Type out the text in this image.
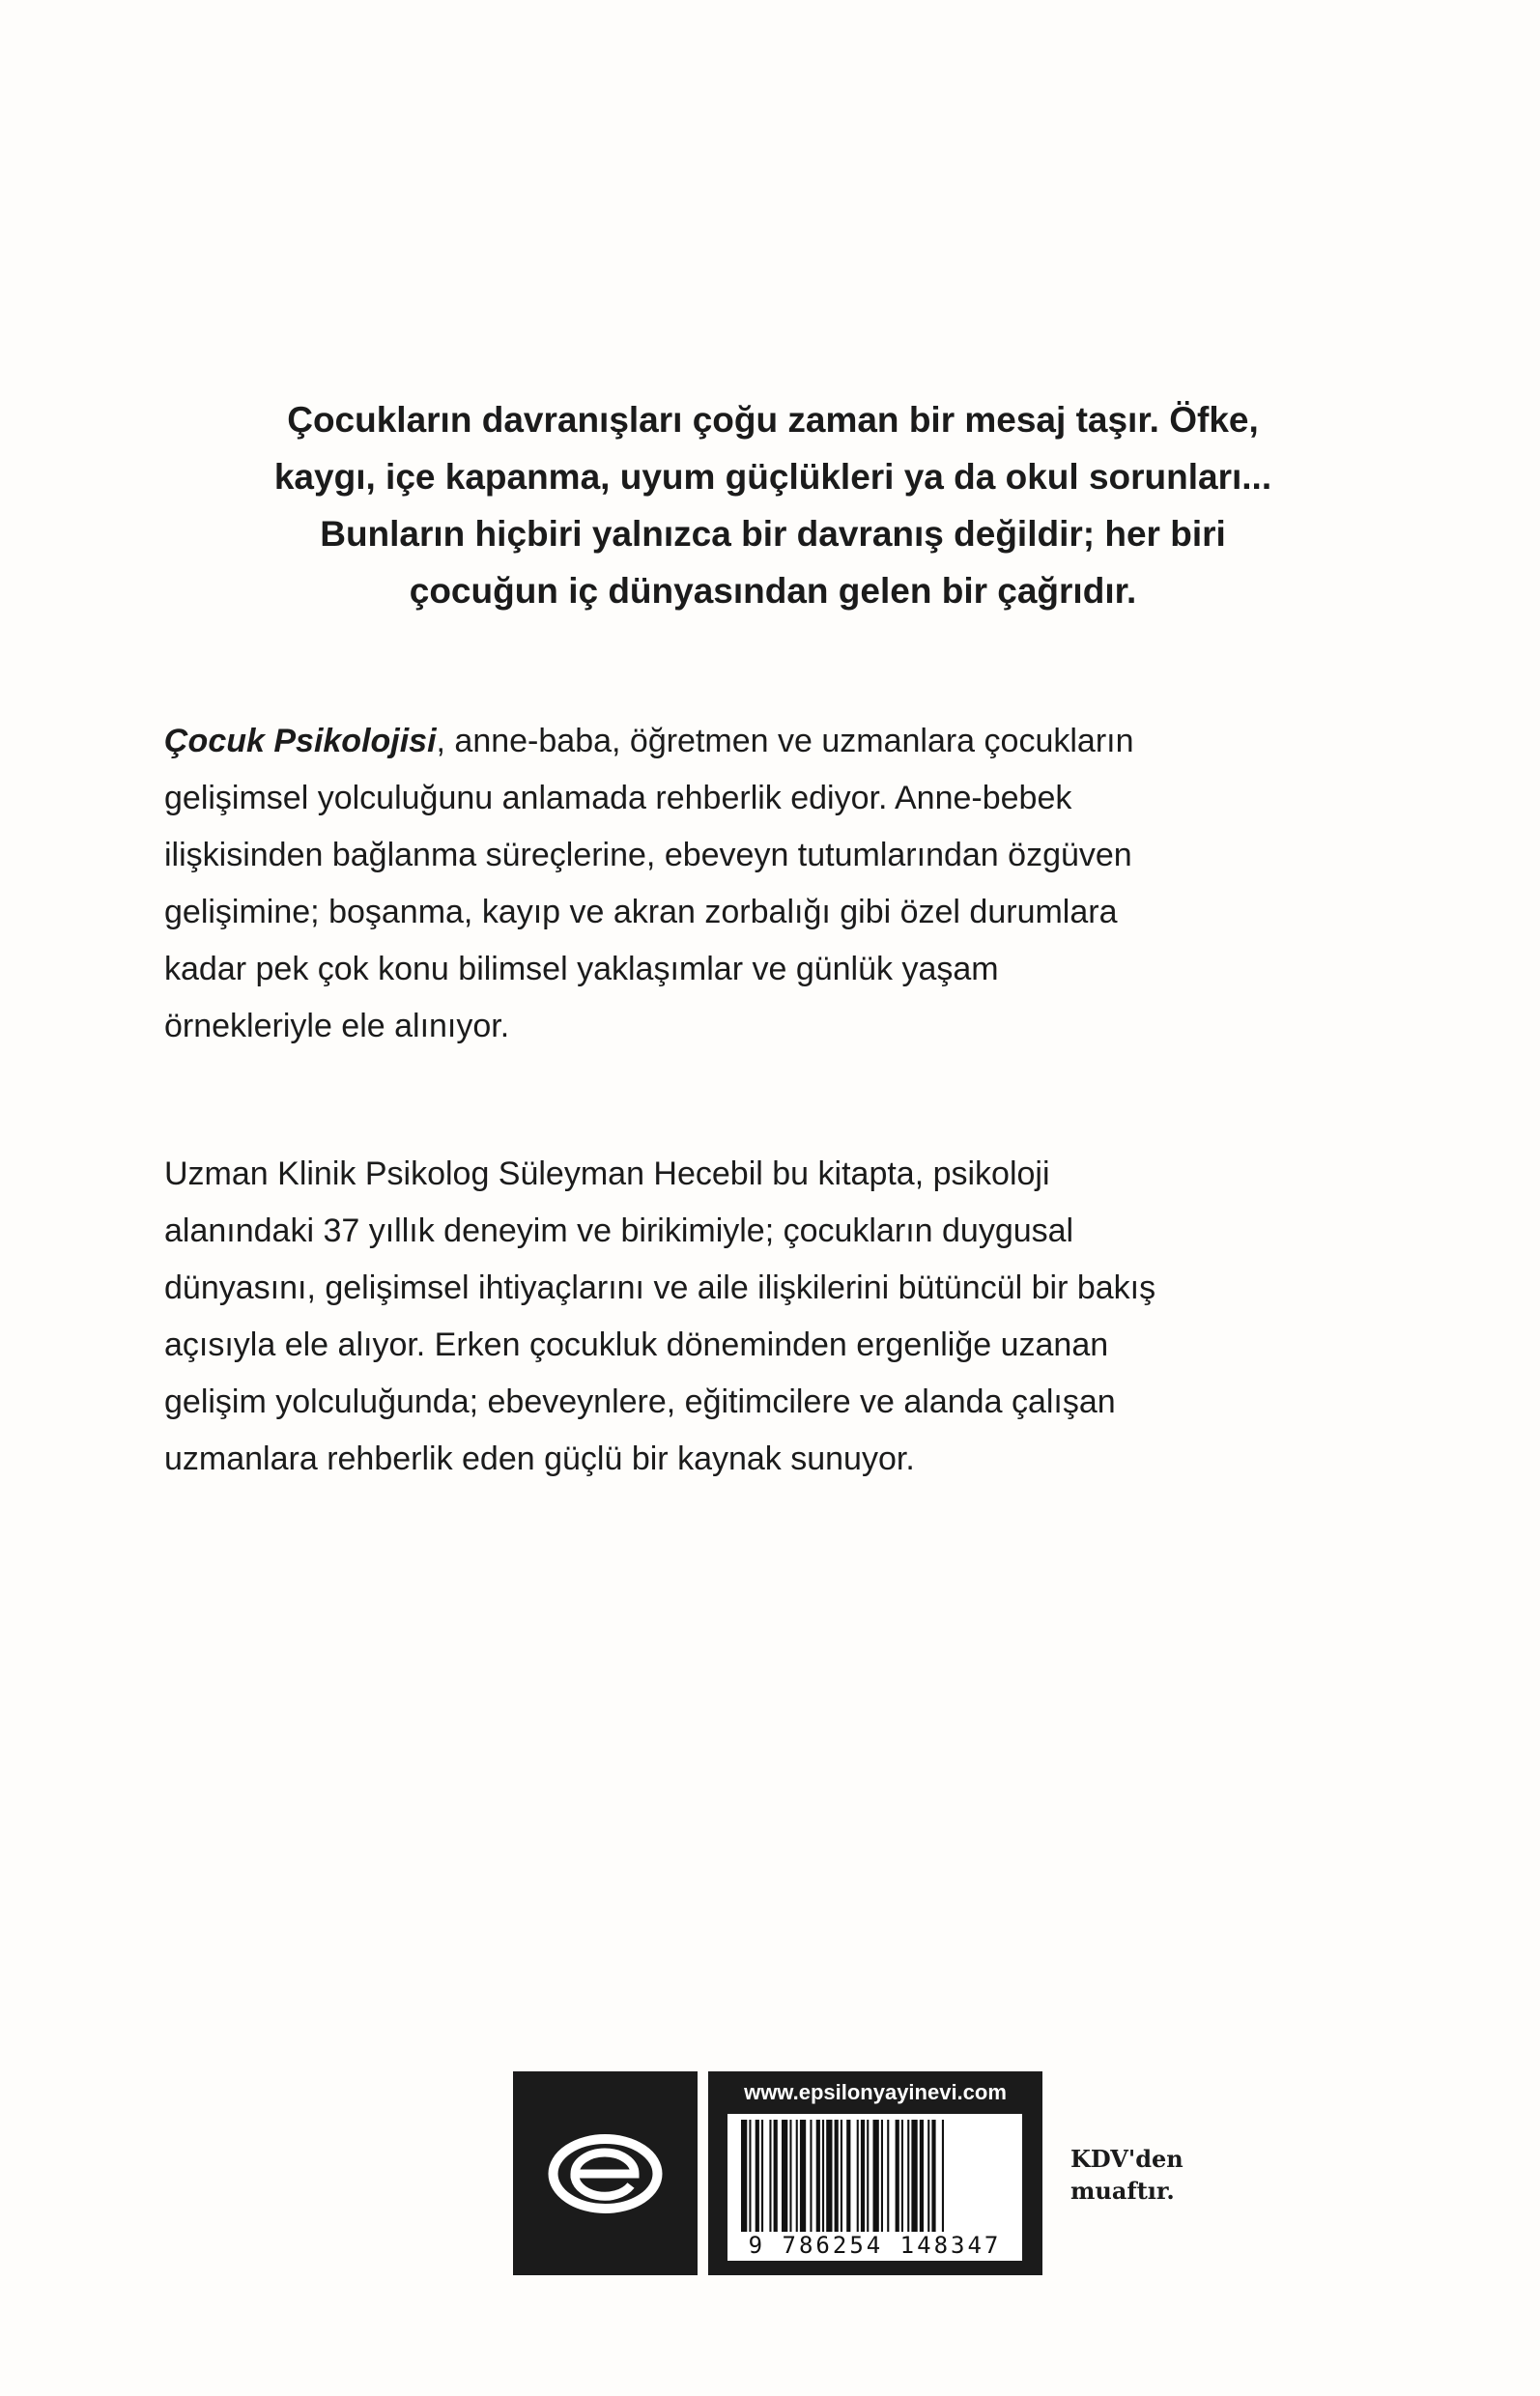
Çocukların davranışları çoğu zaman bir mesaj taşır. Öfke,
kaygı, içe kapanma, uyum güçlükleri ya da okul sorunları...
Bunların hiçbiri yalnızca bir davranış değildir; her biri
çocuğun iç dünyasından gelen bir çağrıdır.
Çocuk Psikolojisi, anne-baba, öğretmen ve uzmanlara çocukların
gelişimsel yolculuğunu anlamada rehberlik ediyor. Anne-bebek
ilişkisinden bağlanma süreçlerine, ebeveyn tutumlarından özgüven
gelişimine; boşanma, kayıp ve akran zorbalığı gibi özel durumlara
kadar pek çok konu bilimsel yaklaşımlar ve günlük yaşam
örnekleriyle ele alınıyor.
Uzman Klinik Psikolog Süleyman Hecebil bu kitapta, psikoloji
alanındaki 37 yıllık deneyim ve birikimiyle; çocukların duygusal
dünyasını, gelişimsel ihtiyaçlarını ve aile ilişkilerini bütüncül bir bakış
açısıyla ele alıyor. Erken çocukluk döneminden ergenliğe uzanan
gelişim yolculuğunda; ebeveynlere, eğitimcilere ve alanda çalışan
uzmanlara rehberlik eden güçlü bir kaynak sunuyor.
www.epsilonyayinevi.com
9 786254 148347
KDV'den
muaftır.
